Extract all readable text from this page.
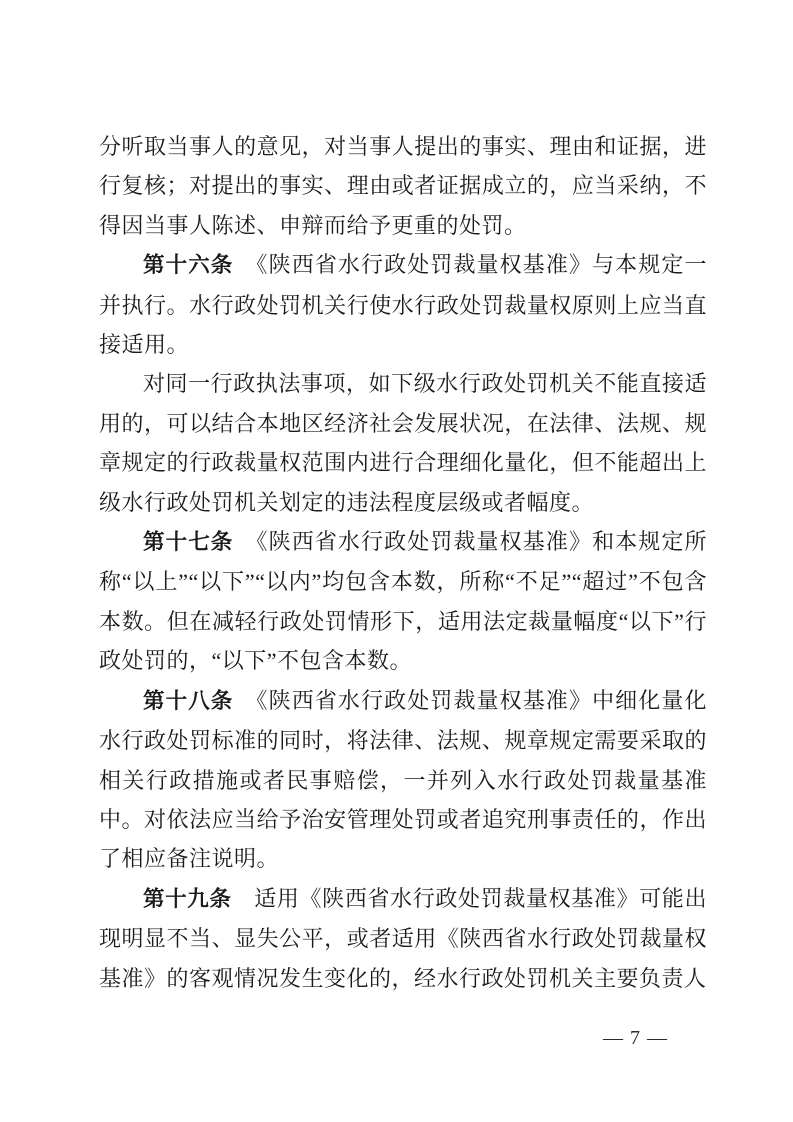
分听取当事人的意见，对当事人提出的事实、理由和证据，进行复核；对提出的事实、理由或者证据成立的，应当采纳，不得因当事人陈述、申辩而给予更重的处罚。

第十六条　《陕西省水行政处罚裁量权基准》与本规定一并执行。水行政处罚机关行使水行政处罚裁量权原则上应当直接适用。

对同一行政执法事项，如下级水行政处罚机关不能直接适用的，可以结合本地区经济社会发展状况，在法律、法规、规章规定的行政裁量权范围内进行合理细化量化，但不能超出上级水行政处罚机关划定的违法程度层级或者幅度。

第十七条　《陕西省水行政处罚裁量权基准》和本规定所称“以上”“以下”“以内”均包含本数，所称“不足”“超过”不包含本数。但在减轻行政处罚情形下，适用法定裁量幅度“以下”行政处罚的，“以下”不包含本数。

第十八条　《陕西省水行政处罚裁量权基准》中细化量化水行政处罚标准的同时，将法律、法规、规章规定需要采取的相关行政措施或者民事赔偿，一并列入水行政处罚裁量基准中。对依法应当给予治安管理处罚或者追究刑事责任的，作出了相应备注说明。

第十九条　适用《陕西省水行政处罚裁量权基准》可能出现明显不当、显失公平，或者适用《陕西省水行政处罚裁量权基准》的客观情况发生变化的，经水行政处罚机关主要负责人

— 7 —
